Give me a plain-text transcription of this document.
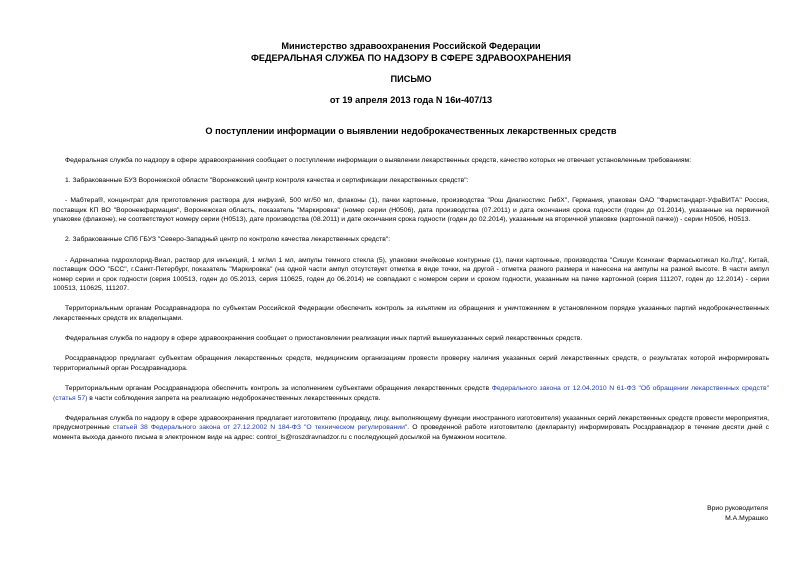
Министерство здравоохранения Российской Федерации
ФЕДЕРАЛЬНАЯ СЛУЖБА ПО НАДЗОРУ В СФЕРЕ ЗДРАВООХРАНЕНИЯ
ПИСЬМО
от 19 апреля 2013 года N 16и-407/13
О поступлении информации о выявлении недоброкачественных лекарственных средств

Федеральная служба по надзору в сфере здравоохранения сообщает о поступлении информации о выявлении лекарственных средств, качество которых не отвечает установленным требованиям:

1. Забракованные БУЗ Воронежской области "Воронежский центр контроля качества и сертификации лекарственных средств":

- Мабтера®, концентрат для приготовления раствора для инфузий, 500 мг/50 мл, флаконы (1), пачки картонные, производства "Рош Диагностикс ГмбХ", Германия, упакован ОАО "Фармстандарт-УфаВИТА" Россия, поставщик КП ВО "Воронежфармация", Воронежская область, показатель "Маркировка" (номер серии (Н0506), дата производства (07.2011) и дата окончания срока годности (годен до 01.2014), указанные на первичной упаковке (флаконе), не соответствуют номеру серии (Н0513), дате производства (08.2011) и дате окончания срока годности (годен до 02.2014), указанным на вторичной упаковке (картонной пачке)) - серии Н0506, Н0513.

2. Забракованные СПб ГБУЗ "Северо-Западный центр по контролю качества лекарственных средств":

- Адреналина гидрохлорид-Виал, раствор для инъекций, 1 мг/мл 1 мл, ампулы темного стекла (5), упаковки ячейковые контурные (1), пачки картонные, производства "Сишуи Ксинханг Фармасьютикал Ко.Лтд", Китай, поставщик ООО "БСС", г.Санкт-Петербург, показатель "Маркировка" (на одной части ампул отсутствует отметка в виде точки, на другой - отметка разного размера и нанесена на ампулы на разной высоте. В части ампул номер серии и срок годности (серия 100513, годен до 05.2013, серия 110625, годен до 06.2014) не совпадают с номером серии и сроком годности, указанным на пачке картонной (серия 111207, годен до 12.2014) - серии 100513, 110625, 111207.

Территориальным органам Росздравнадзора по субъектам Российской Федерации обеспечить контроль за изъятием из обращения и уничтожением в установленном порядке указанных партий недоброкачественных лекарственных средств их владельцами.

Федеральная служба по надзору в сфере здравоохранения сообщает о приостановлении реализации иных партий вышеуказанных серий лекарственных средств.

Росздравнадзор предлагает субъектам обращения лекарственных средств, медицинским организациям провести проверку наличия указанных серий лекарственных средств, о результатах которой информировать территориальный орган Росздравнадзора.

Территориальным органам Росздравнадзора обеспечить контроль за исполнением субъектами обращения лекарственных средств Федерального закона от 12.04.2010 N 61-ФЗ "Об обращении лекарственных средств" (статья 57) в части соблюдения запрета на реализацию недоброкачественных лекарственных средств.

Федеральная служба по надзору в сфере здравоохранения предлагает изготовителю (продавцу, лицу, выполняющему функции иностранного изготовителя) указанных серий лекарственных средств провести мероприятия, предусмотренные статьей 38 Федерального закона от 27.12.2002 N 184-ФЗ "О техническом регулировании". О проведенной работе изготовителю (декларанту) информировать Росздравнадзор в течение десяти дней с момента выхода данного письма в электронном виде на адрес: control_ls@roszdravnadzor.ru с последующей досылкой на бумажном носителе.

Врио руководителя
М.А.Мурашко
